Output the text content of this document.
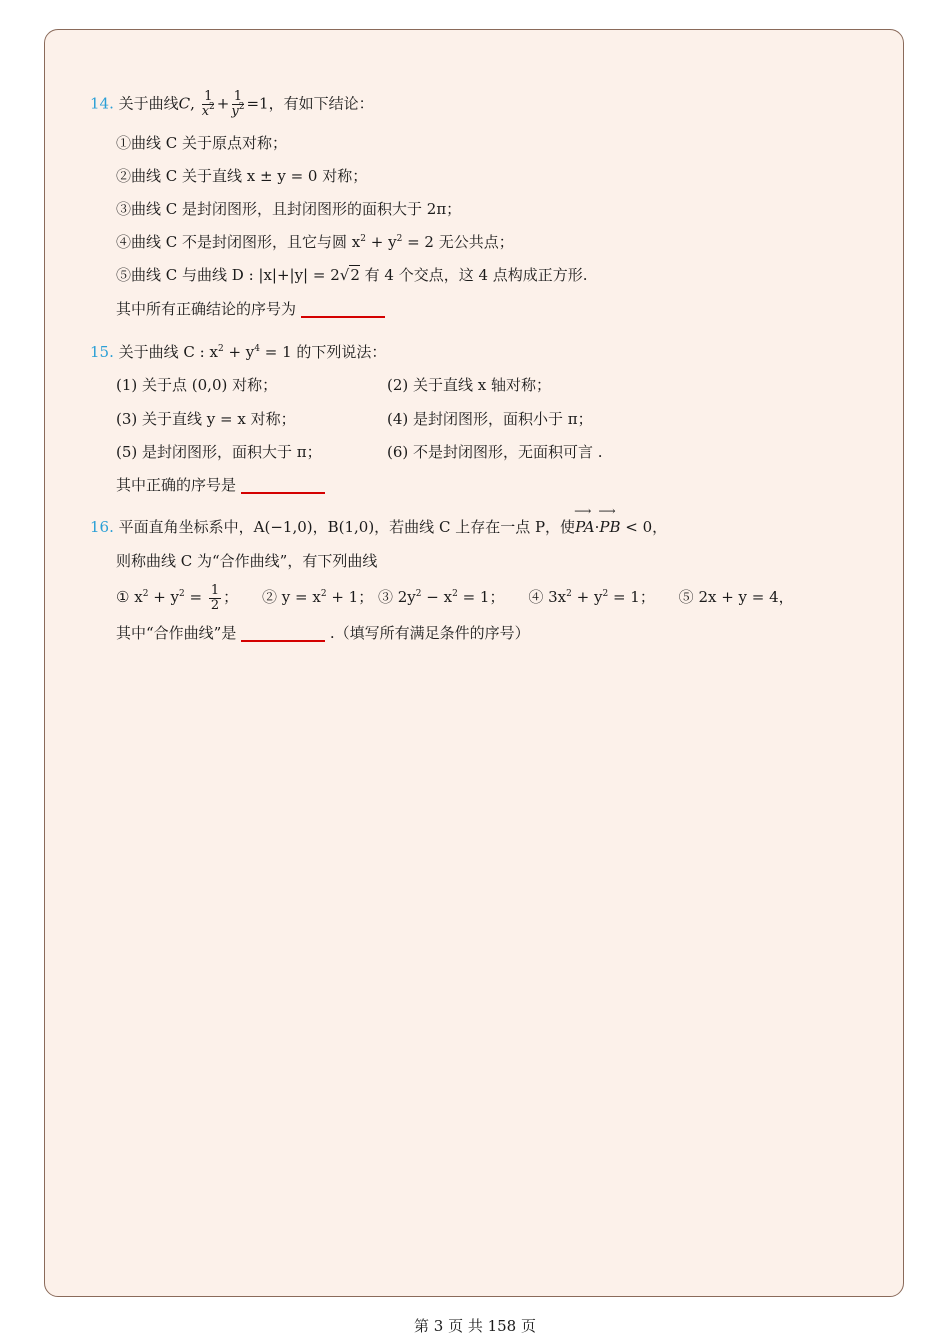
14. 关于曲线C, $\frac{1}{x^2} + \frac{1}{y^2} =1$，有如下结论：
①曲线 C 关于原点对称；
②曲线 C 关于直线 x ± y = 0 对称；
③曲线 C 是封闭图形，且封闭图形的面积大于 2π；
④曲线 C 不是封闭图形，且它与圆 $x^2 + y^2 = 2$ 无公共点；
⑤曲线 C 与曲线 D : |x|+|y| = 2√2 有 4 个交点，这 4 点构成正方形.
其中所有正确结论的序号为
15. 关于曲线 C : $x^2 + y^4 = 1$ 的下列说法：
(1) 关于点 (0,0) 对称；	(2) 关于直线 x 轴对称；
(3) 关于直线 y = x 对称；	(4) 是封闭图形，面积小于 π；
(5) 是封闭图形，面积大于 π；	(6) 不是封闭图形，无面积可言 .
其中正确的序号是
16. 平面直角坐标系中，A(−1,0)，B(1,0)，若曲线 C 上存在一点 P，使⟶ PA·⟶ PB < 0，
则称曲线 C 为“合作曲线”，有下列曲线
① $x^2 + y^2 = \frac{1}{2}$ ； ② $y = x^2 + 1$； ③ $2y^2 - x^2 = 1$； ④ $3x^2 + y^2 = 1$； ⑤ 2x + y = 4，
其中“合作曲线”是	.（填写所有满足条件的序号）
第 3 页 共 158 页
